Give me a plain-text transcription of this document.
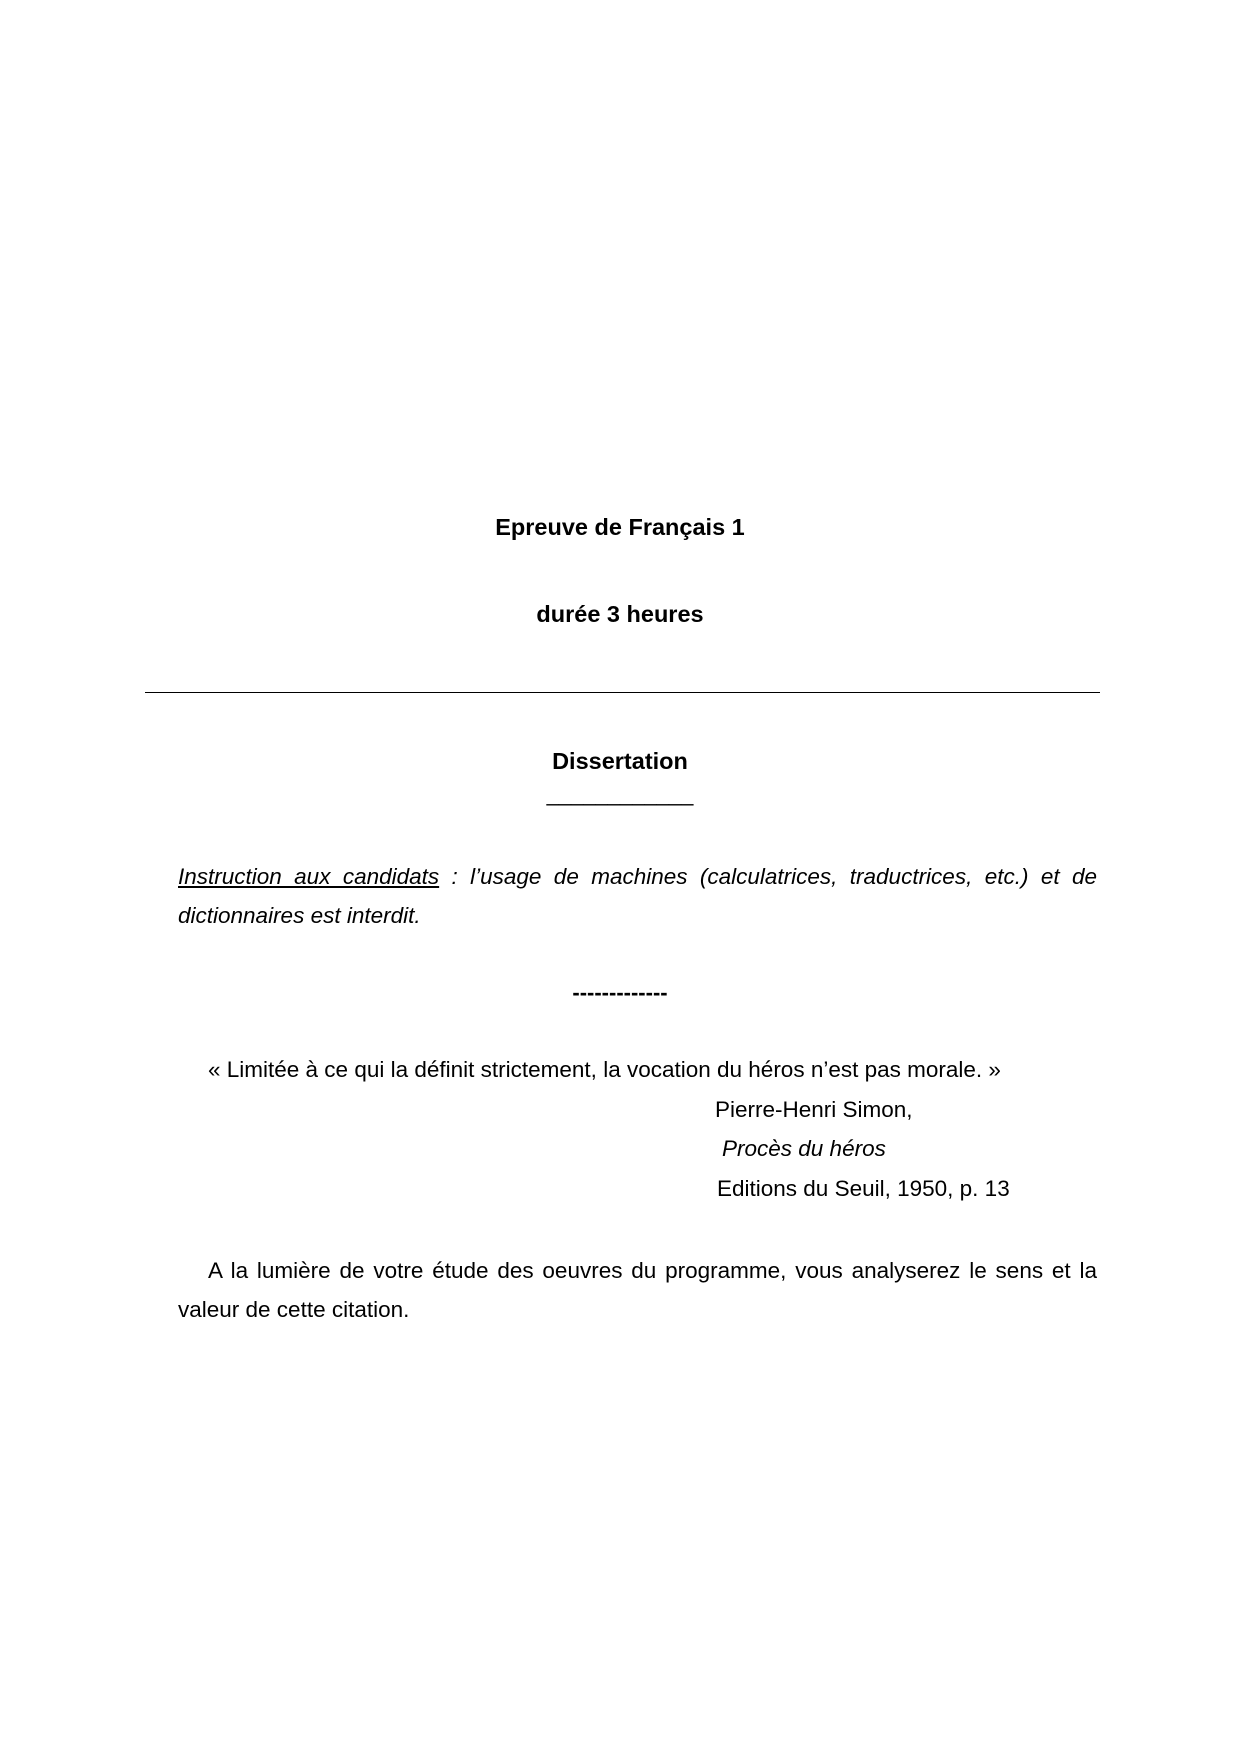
Epreuve de Français 1
durée 3 heures
Dissertation
____________
Instruction aux candidats : l’usage de machines (calculatrices, traductrices, etc.) et de dictionnaires est interdit.
-------------
« Limitée à ce qui la définit strictement, la vocation du héros n’est pas morale. »
Pierre-Henri Simon,
Procès du héros
Editions du Seuil, 1950, p. 13
A la lumière de votre étude des oeuvres du programme, vous analyserez le sens et la valeur de cette citation.
